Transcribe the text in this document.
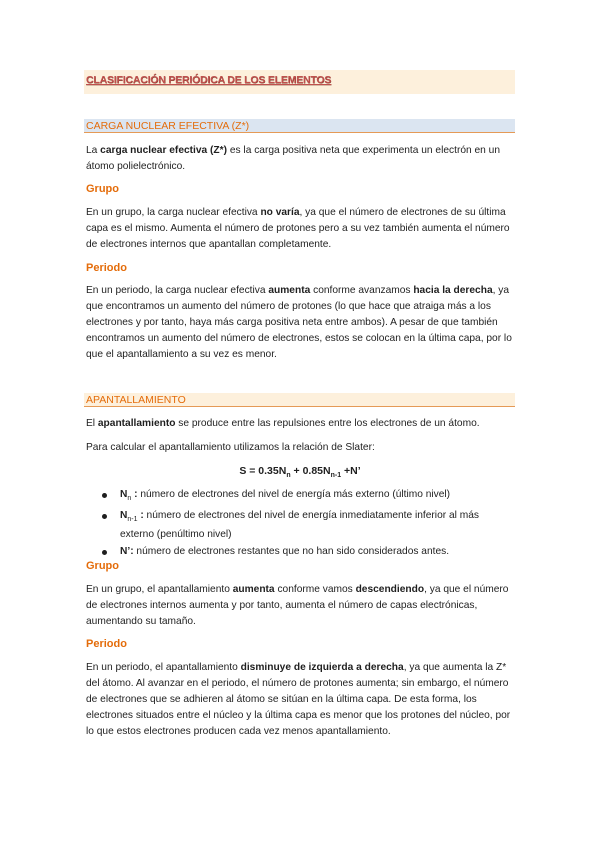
CLASIFICACIÓN PERIÓDICA DE LOS ELEMENTOS
CARGA NUCLEAR EFECTIVA (Z*)
La carga nuclear efectiva (Z*) es la carga positiva neta que experimenta un electrón en un átomo polielectrónico.
Grupo
En un grupo, la carga nuclear efectiva no varía, ya que el número de electrones de su última capa es el mismo. Aumenta el número de protones pero a su vez también aumenta el número de electrones internos que apantallan completamente.
Periodo
En un periodo, la carga nuclear efectiva aumenta conforme avanzamos hacia la derecha, ya que encontramos un aumento del número de protones (lo que hace que atraiga más a los electrones y por tanto, haya más carga positiva neta entre ambos). A pesar de que también encontramos un aumento del número de electrones, estos se colocan en la última capa, por lo que el apantallamiento a su vez es menor.
APANTALLAMIENTO
El apantallamiento se produce entre las repulsiones entre los electrones de un átomo.
Para calcular el apantallamiento utilizamos la relación de Slater:
$S = 0.35N_n + 0.85N_{n-1} +N$’
$N_n$ : número de electrones del nivel de energía más externo (último nivel)
$N_{n-1}$ : número de electrones del nivel de energía inmediatamente inferior al más externo (penúltimo nivel)
N’: número de electrones restantes que no han sido considerados antes.
Grupo
En un grupo, el apantallamiento aumenta conforme vamos descendiendo, ya que el número de electrones internos aumenta y por tanto, aumenta el número de capas electrónicas, aumentando su tamaño.
Periodo
En un periodo, el apantallamiento disminuye de izquierda a derecha, ya que aumenta la Z* del átomo. Al avanzar en el periodo, el número de protones aumenta; sin embargo, el número de electrones que se adhieren al átomo se sitúan en la última capa. De esta forma, los electrones situados entre el núcleo y la última capa es menor que los protones del núcleo, por lo que estos electrones producen cada vez menos apantallamiento.
